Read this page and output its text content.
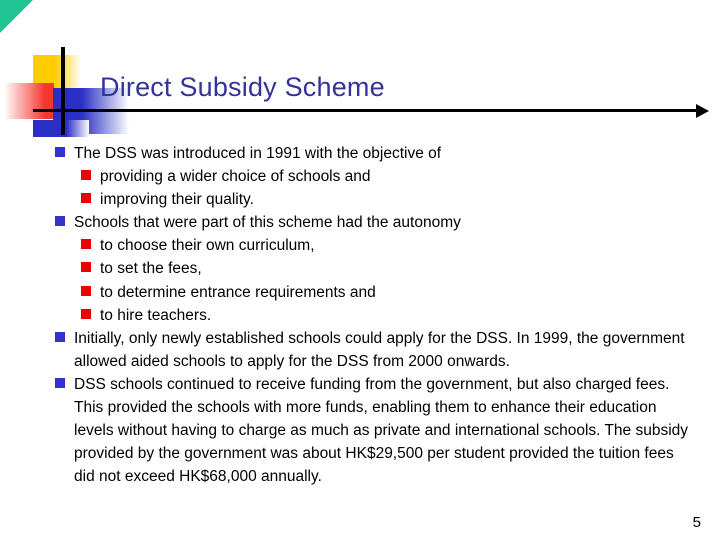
Direct Subsidy Scheme
The DSS was introduced in 1991 with the objective of
providing a wider choice of schools and
improving their quality.
Schools that were part of this scheme had the autonomy
to choose their own curriculum,
to set the fees,
to determine entrance requirements and
to hire teachers.
Initially, only newly established schools could apply for the DSS. In 1999, the government allowed aided schools to apply for the DSS from 2000 onwards.
DSS schools continued to receive funding from the government, but also charged fees. This provided the schools with more funds, enabling them to enhance their education levels without having to charge as much as private and international schools. The subsidy provided by the government was about HK$29,500 per student provided the tuition fees did not exceed HK$68,000 annually.
5
